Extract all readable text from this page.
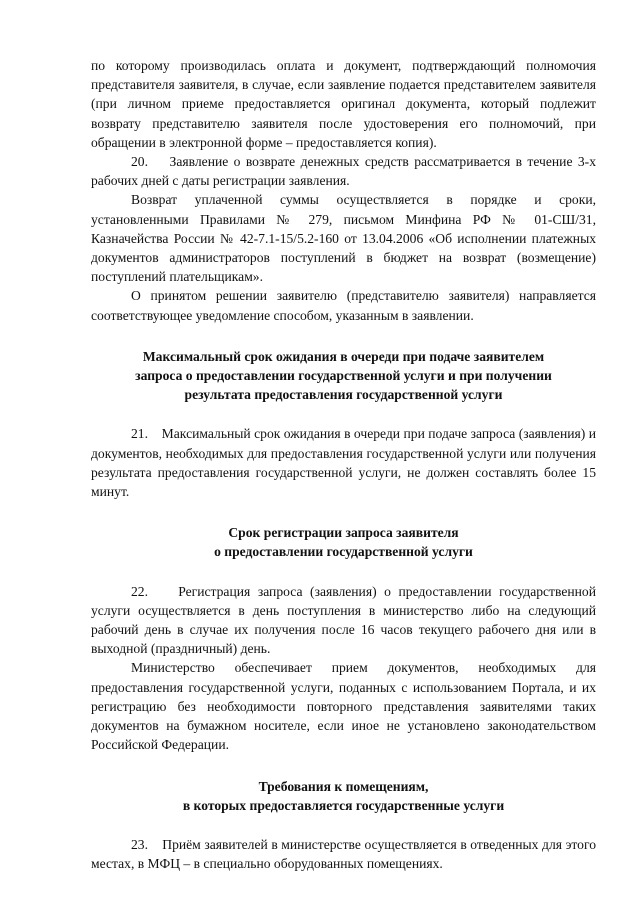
по которому производилась оплата и документ, подтверждающий полномочия представителя заявителя, в случае, если заявление подается представителем заявителя (при личном приеме предоставляется оригинал документа, который подлежит возврату представителю заявителя после удостоверения его полномочий, при обращении в электронной форме – предоставляется копия).

20.    Заявление о возврате денежных средств рассматривается в течение 3-х рабочих дней с даты регистрации заявления.

Возврат уплаченной суммы осуществляется в порядке и сроки, установленными Правилами № 279, письмом Минфина РФ № 01-СШ/31, Казначейства России № 42-7.1-15/5.2-160 от 13.04.2006 «Об исполнении платежных документов администраторов поступлений в бюджет на возврат (возмещение) поступлений плательщикам».

О принятом решении заявителю (представителю заявителя) направляется соответствующее уведомление способом, указанным в заявлении.

Максимальный срок ожидания в очереди при подаче заявителем
запроса о предоставлении государственной услуги и при получении
результата предоставления государственной услуги

21.    Максимальный срок ожидания в очереди при подаче запроса (заявления) и документов, необходимых для предоставления государственной услуги или получения результата предоставления государственной услуги, не должен составлять более 15 минут.

Срок регистрации запроса заявителя
о предоставлении государственной услуги

22.    Регистрация запроса (заявления) о предоставлении государственной услуги осуществляется в день поступления в министерство либо на следующий рабочий день в случае их получения после 16 часов текущего рабочего дня или в выходной (праздничный) день.

Министерство обеспечивает прием документов, необходимых для предоставления государственной услуги, поданных с использованием Портала, и их регистрацию без необходимости повторного представления заявителями таких документов на бумажном носителе, если иное не установлено законодательством Российской Федерации.

Требования к помещениям,
в которых предоставляется государственные услуги

23.    Приём заявителей в министерстве осуществляется в отведенных для этого местах, в МФЦ – в специально оборудованных помещениях.
